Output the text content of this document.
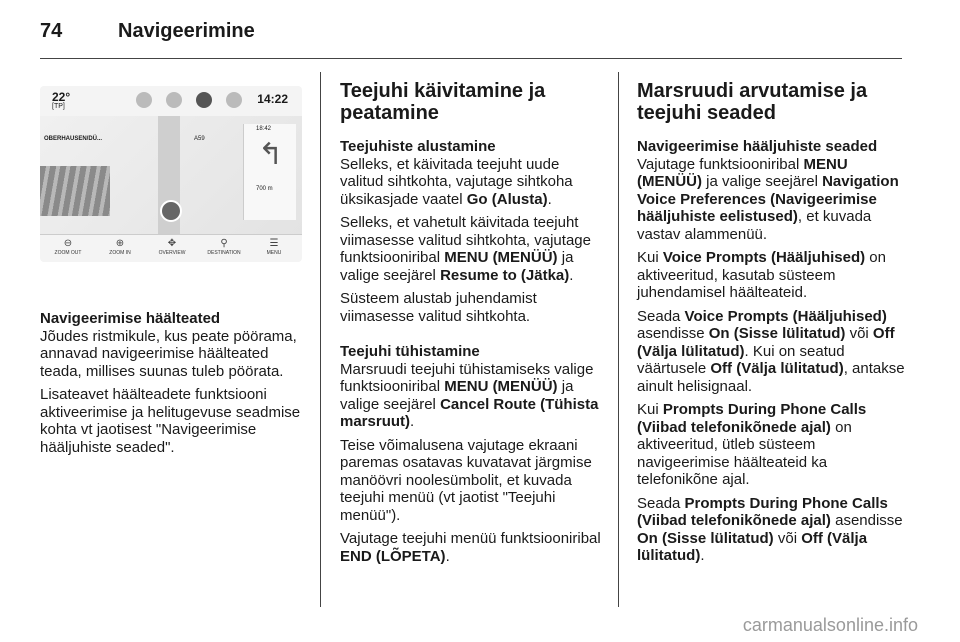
74	Navigeerimine
22°
[TP]
14:22
OBERHAUSEN/DÜ...	A59
18:42
↰
700 m
⊖
ZOOM OUT
⊕
ZOOM IN
✥
OVERVIEW
⚲
DESTINATION
☰
MENU
Navigeerimise häälteated

Jõudes ristmikule, kus peate pöörama, annavad navigeerimise häälteated teada, millises suunas tuleb pöörata.

Lisateavet häälteadete funktsiooni aktiveerimise ja helitugevuse seadmise kohta vt jaotisest "Navigeerimise hääljuhiste seaded".

Teejuhi käivitamine ja peatamine
Teejuhiste alustamine

Selleks, et käivitada teejuht uude valitud sihtkohta, vajutage sihtkoha üksikasjade vaatel Go (Alusta).

Selleks, et vahetult käivitada teejuht viimasesse valitud sihtkohta, vajutage funktsiooniribal MENU (MENÜÜ) ja valige seejärel Resume to (Jätka).

Süsteem alustab juhendamist viimasesse valitud sihtkohta.

Teejuhi tühistamine

Marsruudi teejuhi tühistamiseks valige funktsiooniribal MENU (MENÜÜ) ja valige seejärel Cancel Route (Tühista marsruut).

Teise võimalusena vajutage ekraani paremas osatavas kuvatavat järgmise manöövri noolesümbolit, et kuvada teejuhi menüü (vt jaotist "Teejuhi menüü").

Vajutage teejuhi menüü funktsiooniribal END (LÕPETA).

Marsruudi arvutamise ja teejuhi seaded
Navigeerimise hääljuhiste seaded

Vajutage funktsiooniribal MENU (MENÜÜ) ja valige seejärel Navigation Voice Preferences (Navigeerimise hääljuhiste eelistused), et kuvada vastav alammenüü.

Kui Voice Prompts (Hääljuhised) on aktiveeritud, kasutab süsteem juhendamisel häälteateid.

Seada Voice Prompts (Hääljuhised) asendisse On (Sisse lülitatud) või Off (Välja lülitatud). Kui on seatud väärtusele Off (Välja lülitatud), antakse ainult helisignaal.

Kui Prompts During Phone Calls (Viibad telefonikõnede ajal) on aktiveeritud, ütleb süsteem navigeerimise häälteateid ka telefonikõne ajal.

Seada Prompts During Phone Calls (Viibad telefonikõnede ajal) asendisse On (Sisse lülitatud) või Off (Välja lülitatud).

carmanualsonline.info
